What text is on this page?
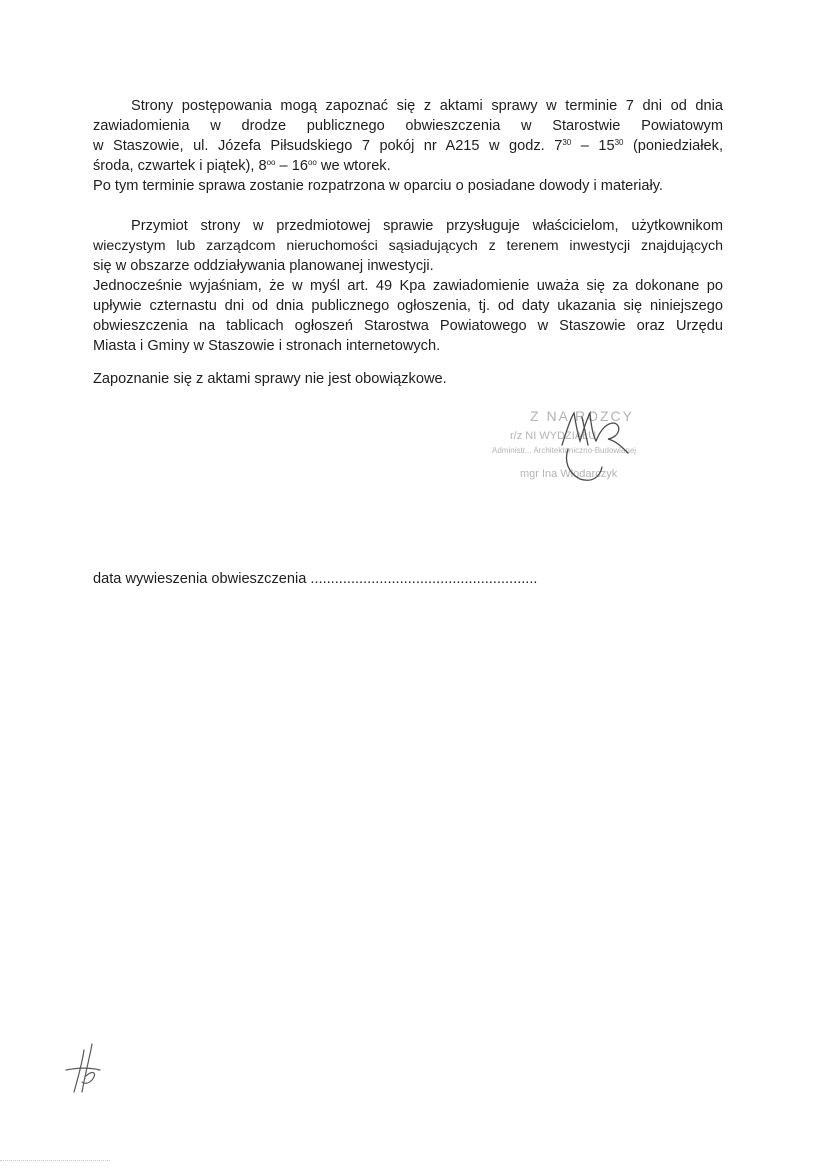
Strony postępowania mogą zapoznać się z aktami sprawy w terminie 7 dni od dnia

zawiadomienia w drodze publicznego obwieszczenia w Starostwie Powiatowym

w Staszowie, ul. Józefa Piłsudskiego 7 pokój nr A215 w godz. $7^{30} - 15^{30}$ (poniedziałek,

środa, czwartek i piątek), $8^{oo} - 16^{oo}$ we wtorek.

Po tym terminie sprawa zostanie rozpatrzona w oparciu o posiadane dowody i materiały.

Przymiot strony w przedmiotowej sprawie przysługuje właścicielom, użytkownikom

wieczystym lub zarządcom nieruchomości sąsiadujących z terenem inwestycji znajdujących

się w obszarze oddziaływania planowanej inwestycji.

Jednocześnie wyjaśniam, że w myśl art. 49 Kpa zawiadomienie uważa się za dokonane po

upływie czternastu dni od dnia publicznego ogłoszenia, tj. od daty ukazania się niniejszego

obwieszczenia na tablicach ogłoszeń Starostwa Powiatowego w Staszowie oraz Urzędu

Miasta i Gminy w Staszowie i stronach internetowych.

Zapoznanie się z aktami sprawy nie jest obowiązkowe.

Z NA ROZCY
r/z NI WYDZIAŁU
Administr... Architektoniczno-Budowlanej
mgr Ina Włodarczyk
data wywieszenia obwieszczenia ........................................................
